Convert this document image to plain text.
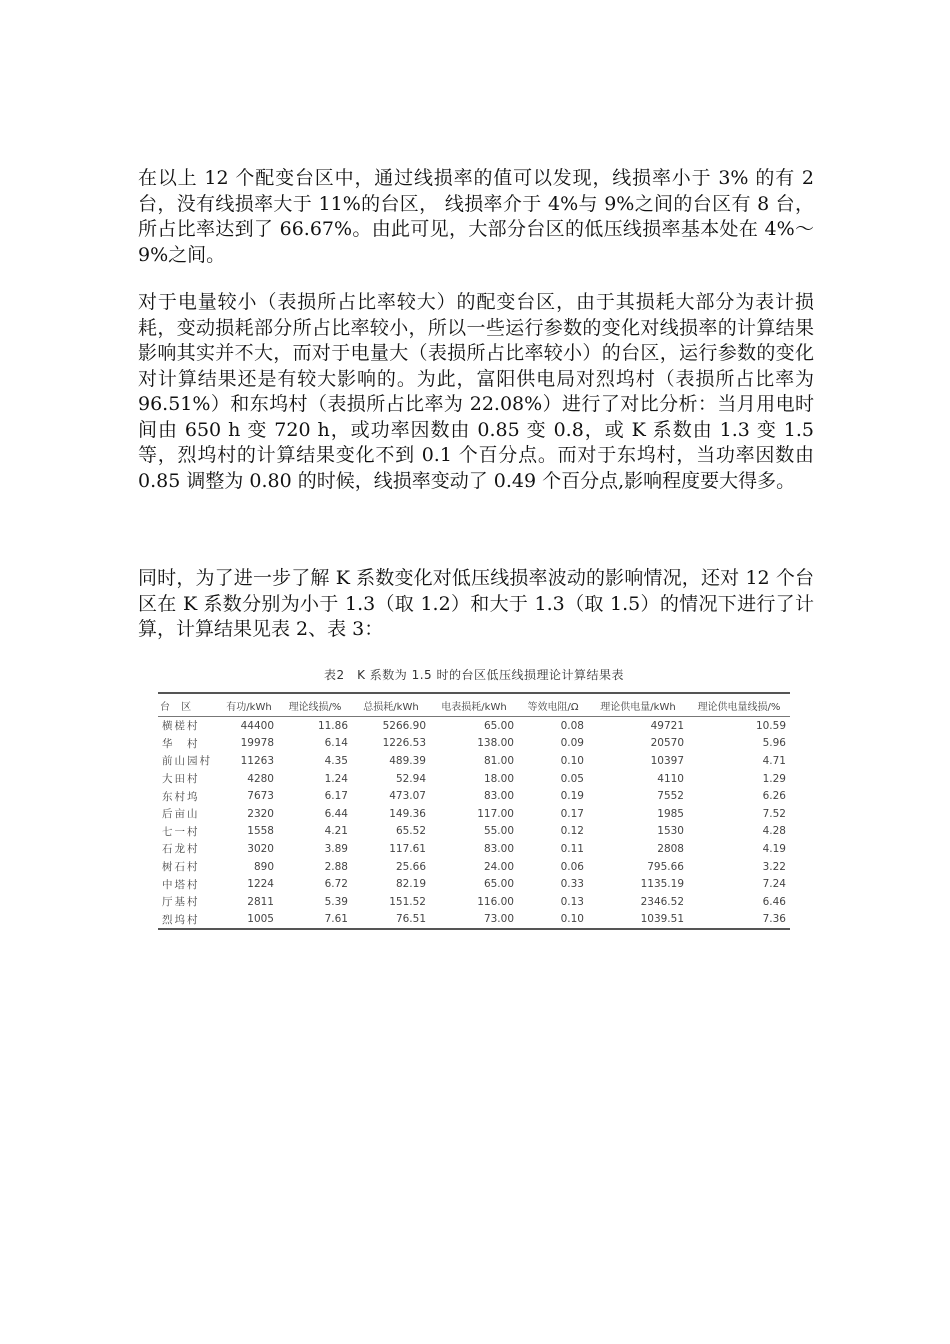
在以上 12 个配变台区中，通过线损率的值可以发现，线损率小于 3% 的有 2 台，没有线损率大于 11%的台区， 线损率介于 4%与 9%之间的台区有 8 台，所占比率达到了 66.67%。由此可见，大部分台区的低压线损率基本处在 4%～9%之间。

对于电量较小（表损所占比率较大）的配变台区，由于其损耗大部分为表计损耗，变动损耗部分所占比率较小，所以一些运行参数的变化对线损率的计算结果影响其实并不大，而对于电量大（表损所占比率较小）的台区，运行参数的变化对计算结果还是有较大影响的。为此，富阳供电局对烈坞村（表损所占比率为 96.51%）和东坞村（表损所占比率为 22.08%）进行了对比分析：当月用电时间由 650 h 变 720 h，或功率因数由 0.85 变 0.8，或 K 系数由 1.3 变 1.5 等，烈坞村的计算结果变化不到 0.1 个百分点。而对于东坞村，当功率因数由 0.85 调整为 0.80 的时候，线损率变动了 0.49 个百分点,影响程度要大得多。

同时，为了进一步了解 K 系数变化对低压线损率波动的影响情况，还对 12 个台区在 K 系数分别为小于 1.3（取 1.2）和大于 1.3（取 1.5）的情况下进行了计算，计算结果见表 2、表 3：

表2　K 系数为 1.5 时的台区低压线损理论计算结果表
台 区	有功/kWh	理论线损/%	总损耗/kWh	电表损耗/kWh	等效电阻/Ω	理论供电量/kWh	理论供电量线损/%
横槎村	44400	11.86	5266.90	65.00	0.08	49721	10.59
华　村	19978	6.14	1226.53	138.00	0.09	20570	5.96
前山园村	11263	4.35	489.39	81.00	0.10	10397	4.71
大田村	4280	1.24	52.94	18.00	0.05	4110	1.29
东村坞	7673	6.17	473.07	83.00	0.19	7552	6.26
后亩山	2320	6.44	149.36	117.00	0.17	1985	7.52
七一村	1558	4.21	65.52	55.00	0.12	1530	4.28
石龙村	3020	3.89	117.61	83.00	0.11	2808	4.19
树石村	890	2.88	25.66	24.00	0.06	795.66	3.22
中塔村	1224	6.72	82.19	65.00	0.33	1135.19	7.24
厅基村	2811	5.39	151.52	116.00	0.13	2346.52	6.46
烈坞村	1005	7.61	76.51	73.00	0.10	1039.51	7.36
